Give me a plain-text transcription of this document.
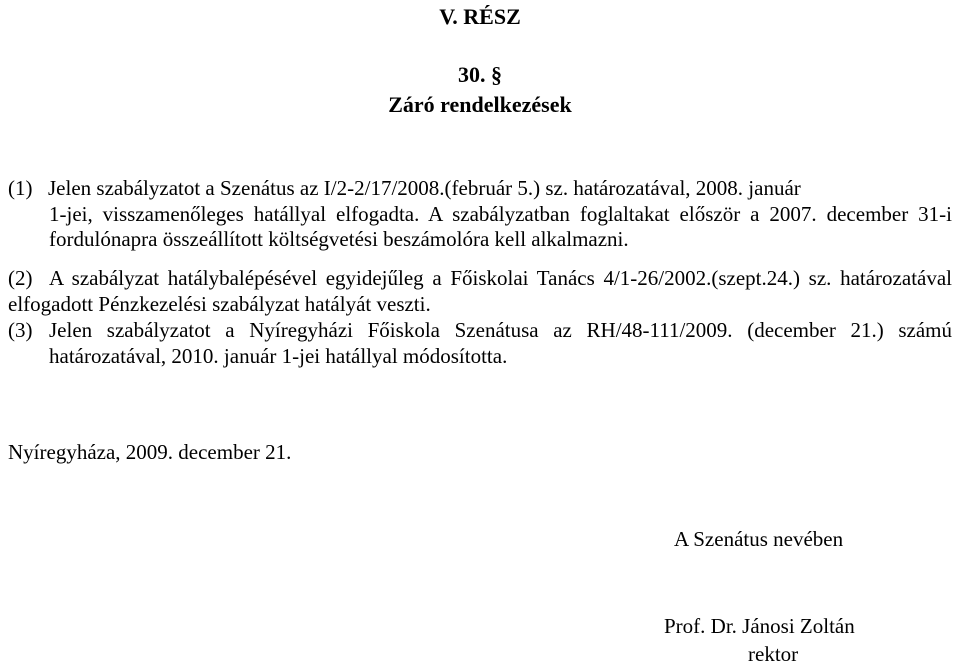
V. RÉSZ
30. §
Záró rendelkezések
(1) Jelen szabályzatot a Szenátus az I/2-2/17/2008.(február 5.) sz. határozatával, 2008. január
1-jei, visszamenőleges hatállyal elfogadta. A szabályzatban foglaltakat először a 2007. december 31-i fordulónapra összeállított költségvetési beszámolóra kell alkalmazni.
(2) A szabályzat hatálybalépésével egyidejűleg a Főiskolai Tanács 4/1-26/2002.(szept.24.) sz. határozatával elfogadott Pénzkezelési szabályzat hatályát veszti.
(3) Jelen szabályzatot a Nyíregyházi Főiskola Szenátusa az RH/48-111/2009. (december 21.) számú határozatával, 2010. január 1-jei hatállyal módosította.
Nyíregyháza, 2009. december 21.
A Szenátus nevében
Prof. Dr. Jánosi Zoltán
rektor
